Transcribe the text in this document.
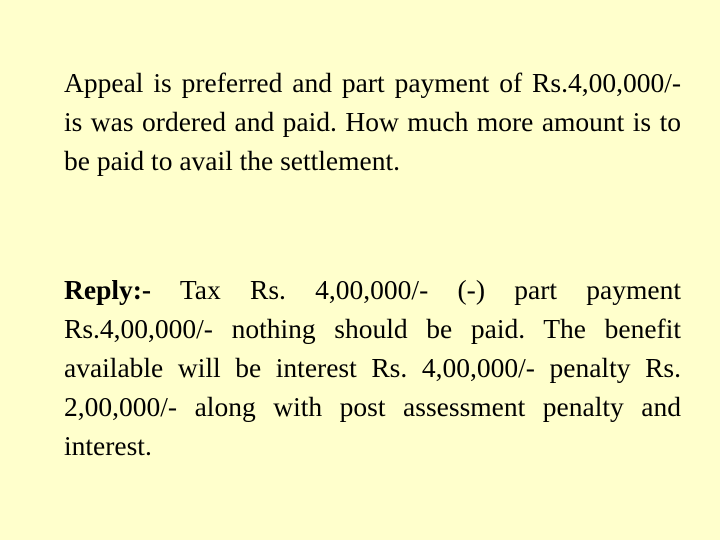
Appeal is preferred and part payment of Rs.4,00,000/- is was ordered and paid. How much more amount is to be paid to avail the settlement.

Reply:- Tax Rs. 4,00,000/- (-) part payment Rs.4,00,000/- nothing should be paid. The benefit available will be interest Rs. 4,00,000/- penalty Rs. 2,00,000/- along with post assessment penalty and interest.
